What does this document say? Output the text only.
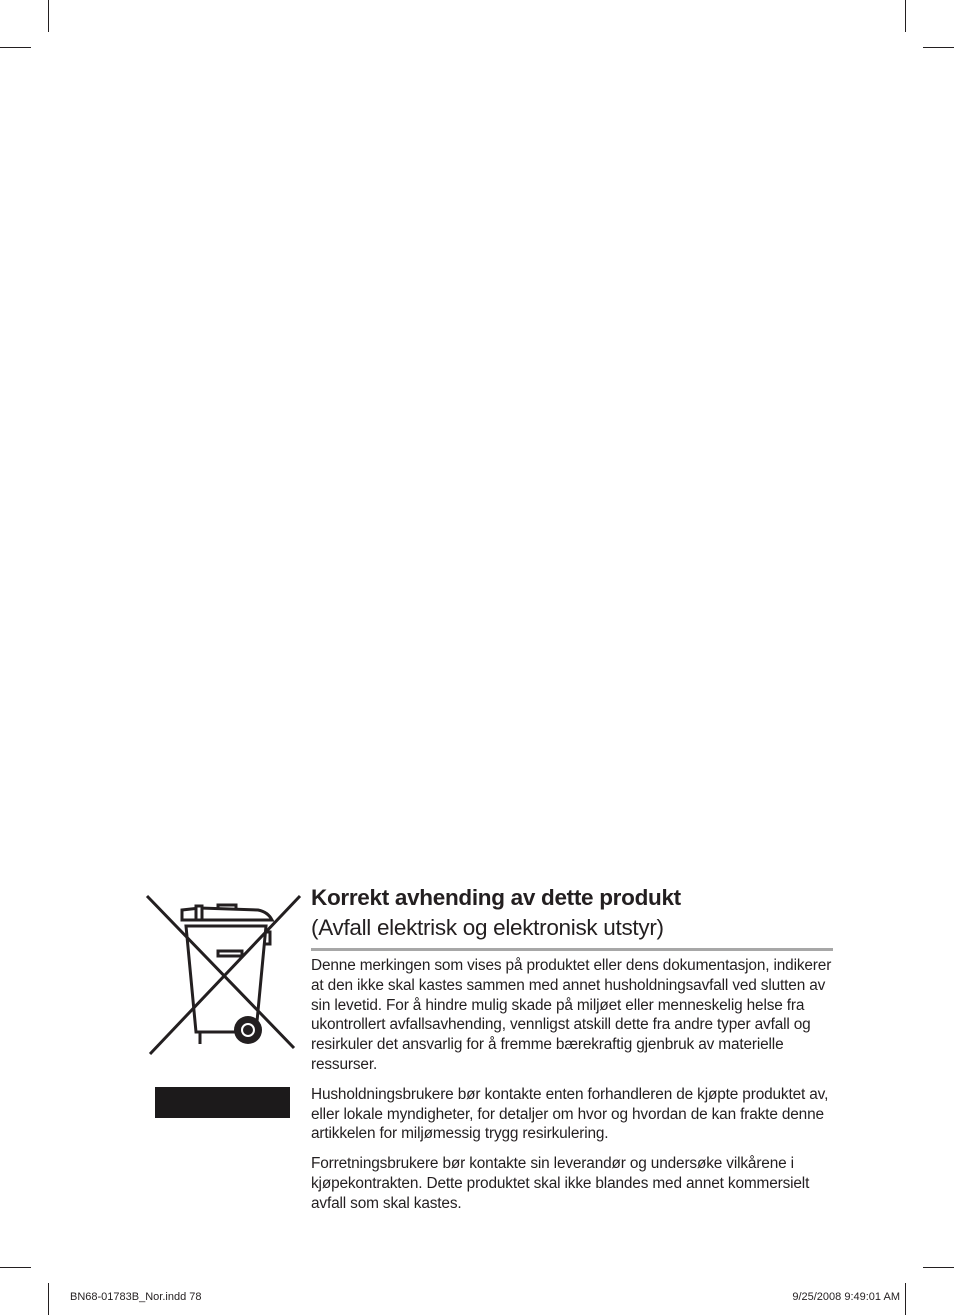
Korrekt avhending av dette produkt

(Avfall elektrisk og elektronisk utstyr)

Denne merkingen som vises på produktet eller dens dokumentasjon, indikerer at den ikke skal kastes sammen med annet husholdningsavfall ved slutten av sin levetid. For å hindre mulig skade på miljøet eller menneskelig helse fra ukontrollert avfallsavhending, vennligst atskill dette fra andre typer avfall og resirkuler det ansvarlig for å fremme bærekraftig gjenbruk av materielle ressurser.

Husholdningsbrukere bør kontakte enten forhandleren de kjøpte produktet av, eller lokale myndigheter, for detaljer om hvor og hvordan de kan frakte denne artikkelen for miljømessig trygg resirkulering.

Forretningsbrukere bør kontakte sin leverandør og undersøke vilkårene i kjøpekontrakten. Dette produktet skal ikke blandes med annet kommersielt avfall som skal kastes.

BN68-01783B_Nor.indd 78	9/25/2008 9:49:01 AM
